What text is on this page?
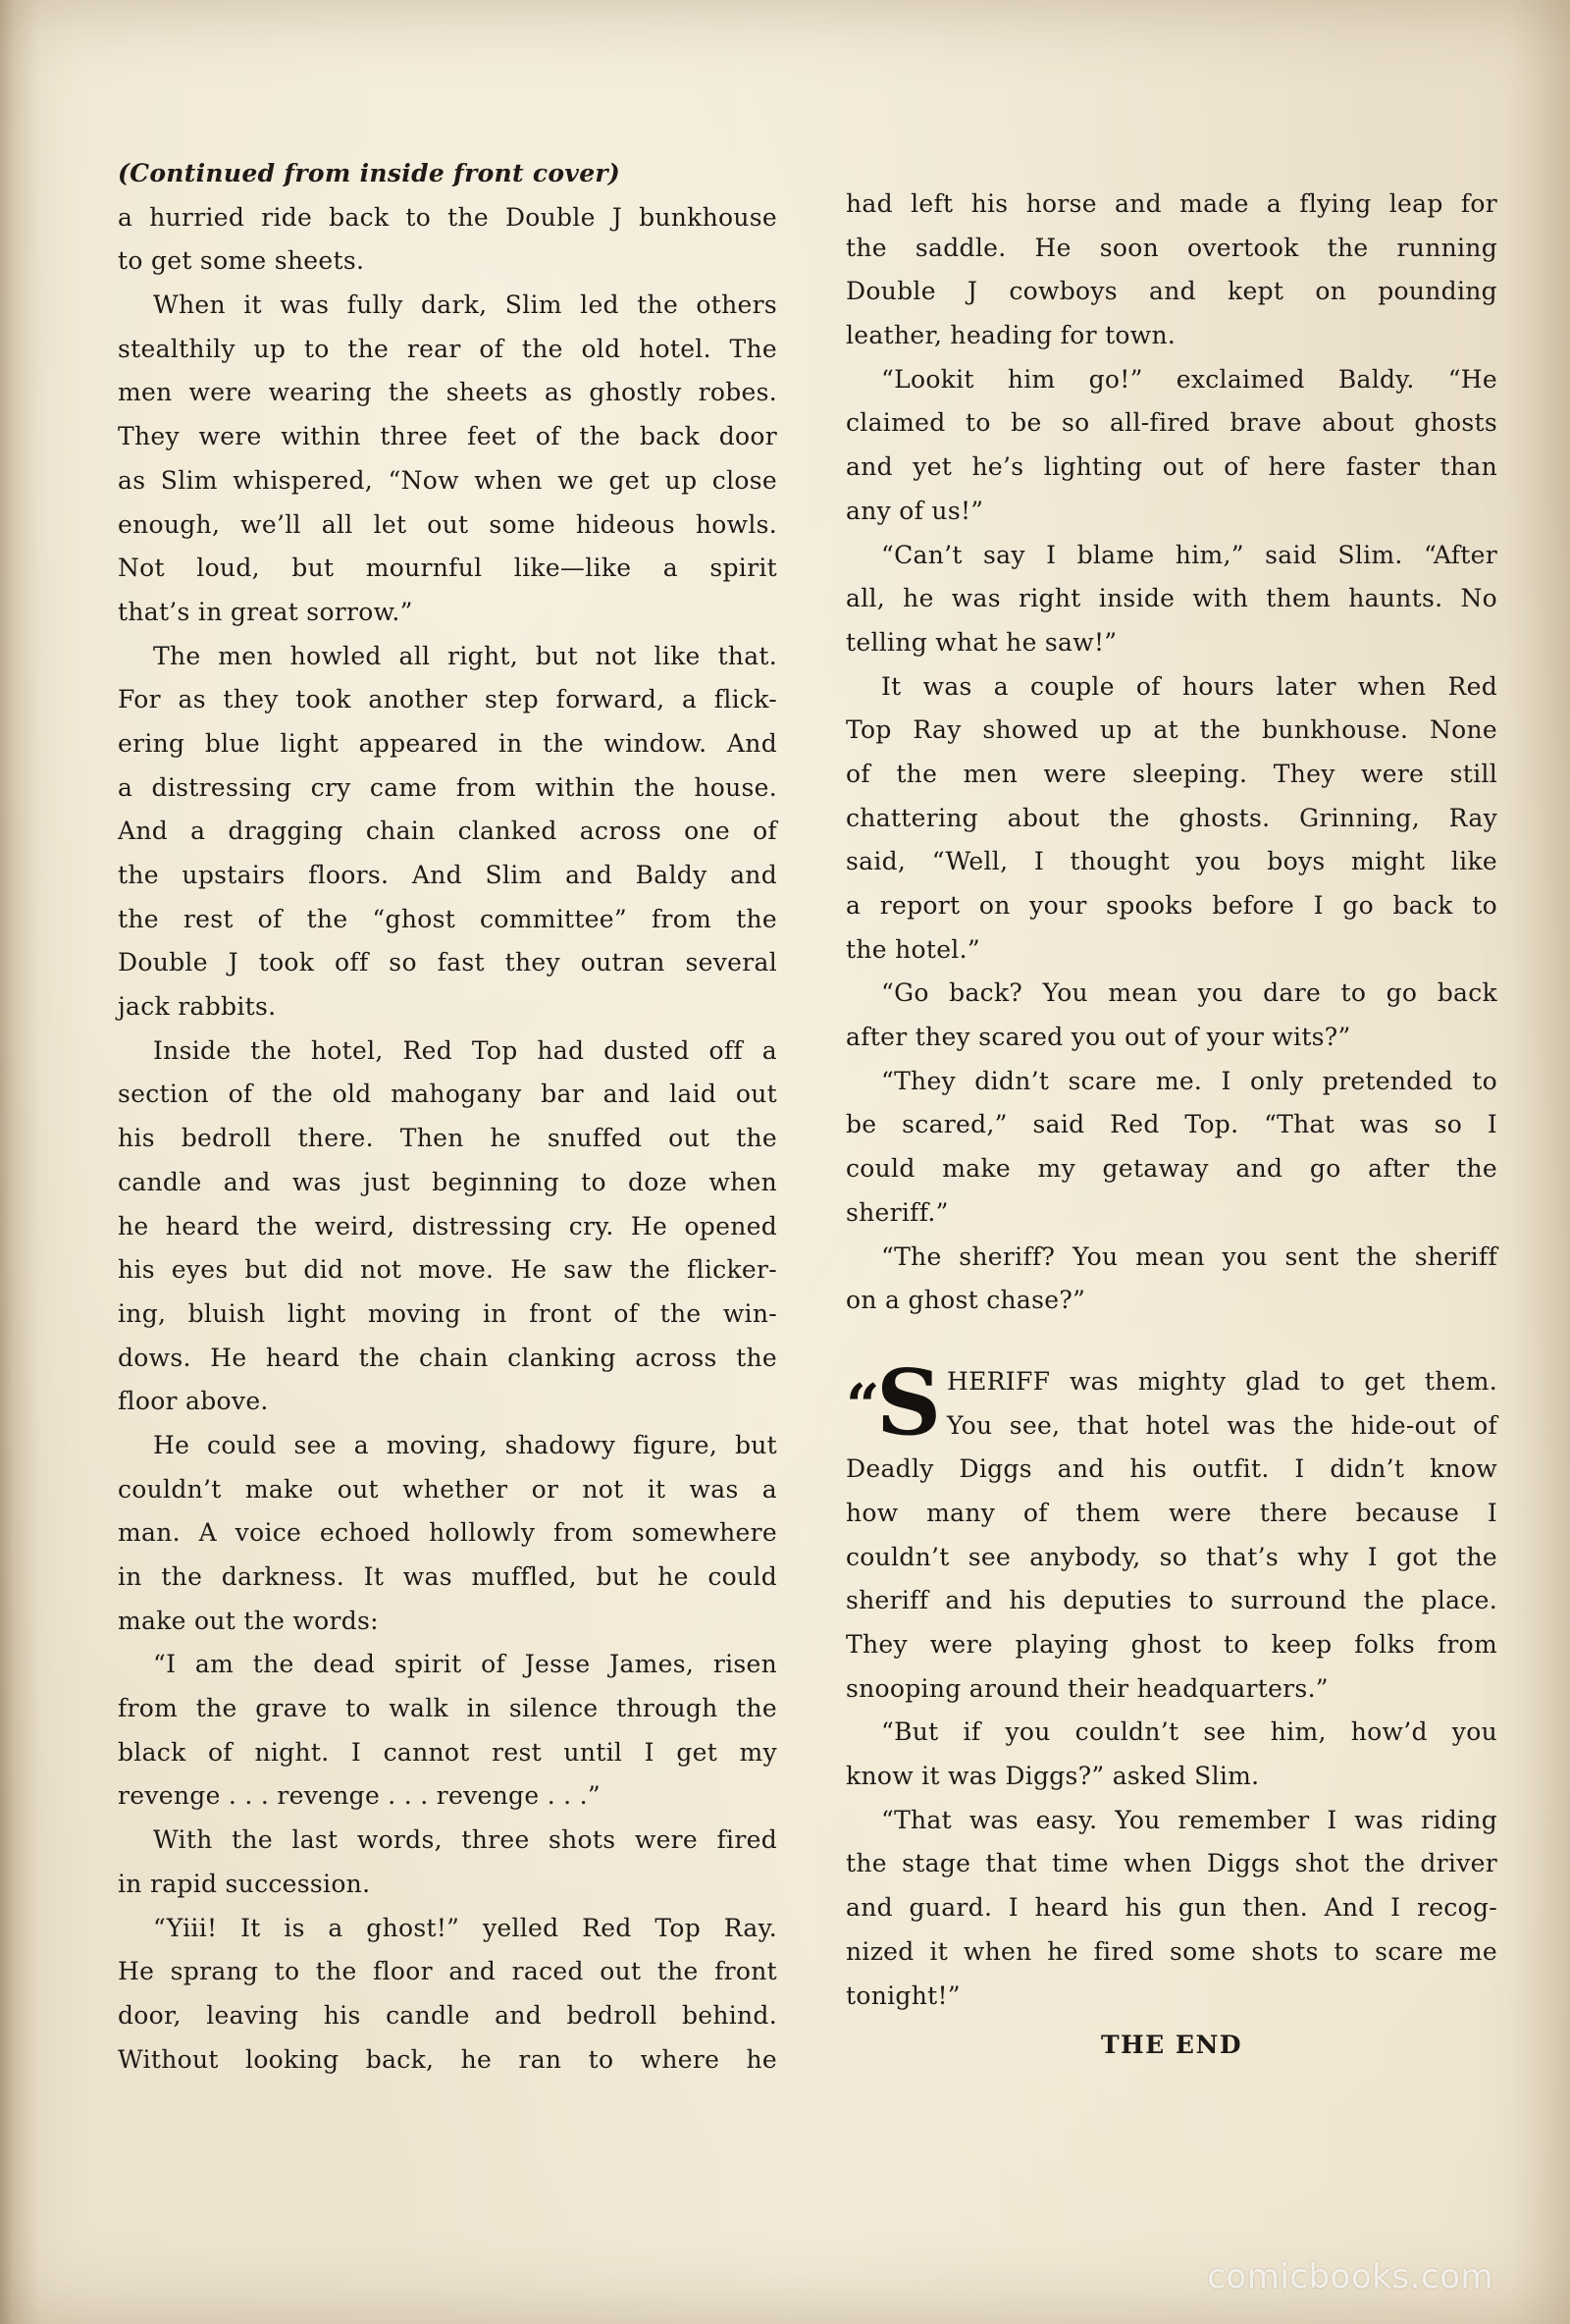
(Continued from inside front cover)
a hurried ride back to the Double J bunkhouse
to get some sheets.
When it was fully dark, Slim led the others
stealthily up to the rear of the old hotel. The
men were wearing the sheets as ghostly robes.
They were within three feet of the back door
as Slim whispered, “Now when we get up close
enough, we’ll all let out some hideous howls.
Not loud, but mournful like—like a spirit
that’s in great sorrow.”
The men howled all right, but not like that.
For as they took another step forward, a flick-
ering blue light appeared in the window. And
a distressing cry came from within the house.
And a dragging chain clanked across one of
the upstairs floors. And Slim and Baldy and
the rest of the “ghost committee” from the
Double J took off so fast they outran several
jack rabbits.
Inside the hotel, Red Top had dusted off a
section of the old mahogany bar and laid out
his bedroll there. Then he snuffed out the
candle and was just beginning to doze when
he heard the weird, distressing cry. He opened
his eyes but did not move. He saw the flicker-
ing, bluish light moving in front of the win-
dows. He heard the chain clanking across the
floor above.
He could see a moving, shadowy figure, but
couldn’t make out whether or not it was a
man. A voice echoed hollowly from somewhere
in the darkness. It was muffled, but he could
make out the words:
“I am the dead spirit of Jesse James, risen
from the grave to walk in silence through the
black of night. I cannot rest until I get my
revenge . . . revenge . . . revenge . . .”
With the last words, three shots were fired
in rapid succession.
“Yiii! It is a ghost!” yelled Red Top Ray.
He sprang to the floor and raced out the front
door, leaving his candle and bedroll behind.
Without looking back, he ran to where he
had left his horse and made a flying leap for
the saddle. He soon overtook the running
Double J cowboys and kept on pounding
leather, heading for town.
“Lookit him go!” exclaimed Baldy. “He
claimed to be so all-fired brave about ghosts
and yet he’s lighting out of here faster than
any of us!”
“Can’t say I blame him,” said Slim. “After
all, he was right inside with them haunts. No
telling what he saw!”
It was a couple of hours later when Red
Top Ray showed up at the bunkhouse. None
of the men were sleeping. They were still
chattering about the ghosts. Grinning, Ray
said, “Well, I thought you boys might like
a report on your spooks before I go back to
the hotel.”
“Go back? You mean you dare to go back
after they scared you out of your wits?”
“They didn’t scare me. I only pretended to
be scared,” said Red Top. “That was so I
could make my getaway and go after the
sheriff.”
“The sheriff? You mean you sent the sheriff
on a ghost chase?”
“S HERIFF was mighty glad to get them.
You see, that hotel was the hide-out of
Deadly Diggs and his outfit. I didn’t know
how many of them were there because I
couldn’t see anybody, so that’s why I got the
sheriff and his deputies to surround the place.
They were playing ghost to keep folks from
snooping around their headquarters.”
“But if you couldn’t see him, how’d you
know it was Diggs?” asked Slim.
“That was easy. You remember I was riding
the stage that time when Diggs shot the driver
and guard. I heard his gun then. And I recog-
nized it when he fired some shots to scare me
tonight!”
THE END
comicbooks.com
